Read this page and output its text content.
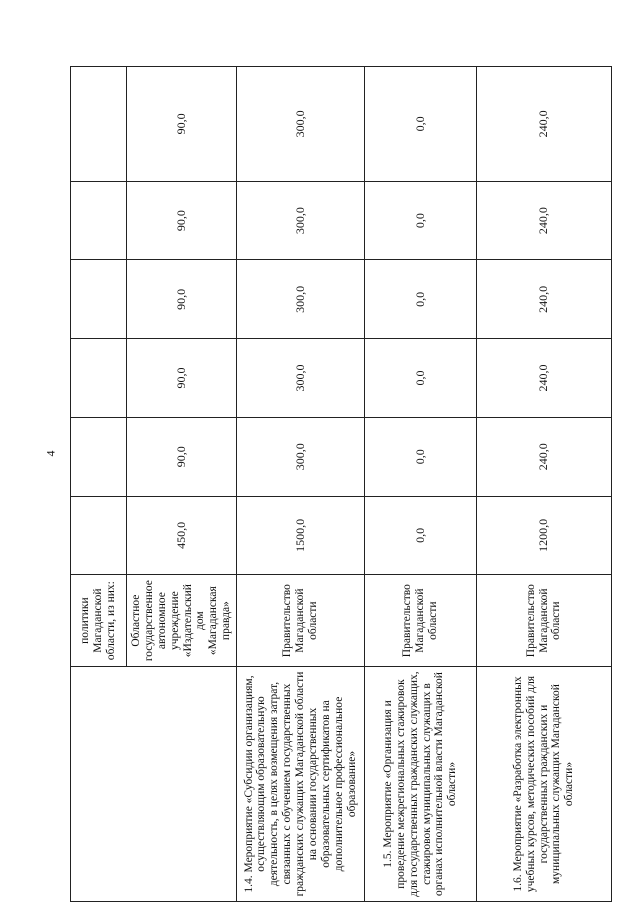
4
	политики Магаданской области, из них:						
	Областное государственное автономное учреждение «Издательский дом «Магаданская правда»	450,0	90,0	90,0	90,0	90,0	90,0
1.4. Мероприятие «Субсидии организациям, осуществляющим образовательную деятельность, в целях возмещения затрат, связанных с обучением государственных гражданских служащих Магаданской области на основании государственных образовательных сертификатов на дополнительное профессиональное образование»	Правительство Магаданской области	1500,0	300,0	300,0	300,0	300,0	300,0
1.5. Мероприятие «Организация и проведение межрегиональных стажировок для государственных гражданских служащих, стажировок муниципальных служащих в органах исполнительной власти Магаданской области»	Правительство Магаданской области	0,0	0,0	0,0	0,0	0,0	0,0
1.6. Мероприятие «Разработка электронных учебных курсов, методических пособий для государственных гражданских и муниципальных служащих Магаданской области»	Правительство Магаданской области	1200,0	240,0	240,0	240,0	240,0	240,0
